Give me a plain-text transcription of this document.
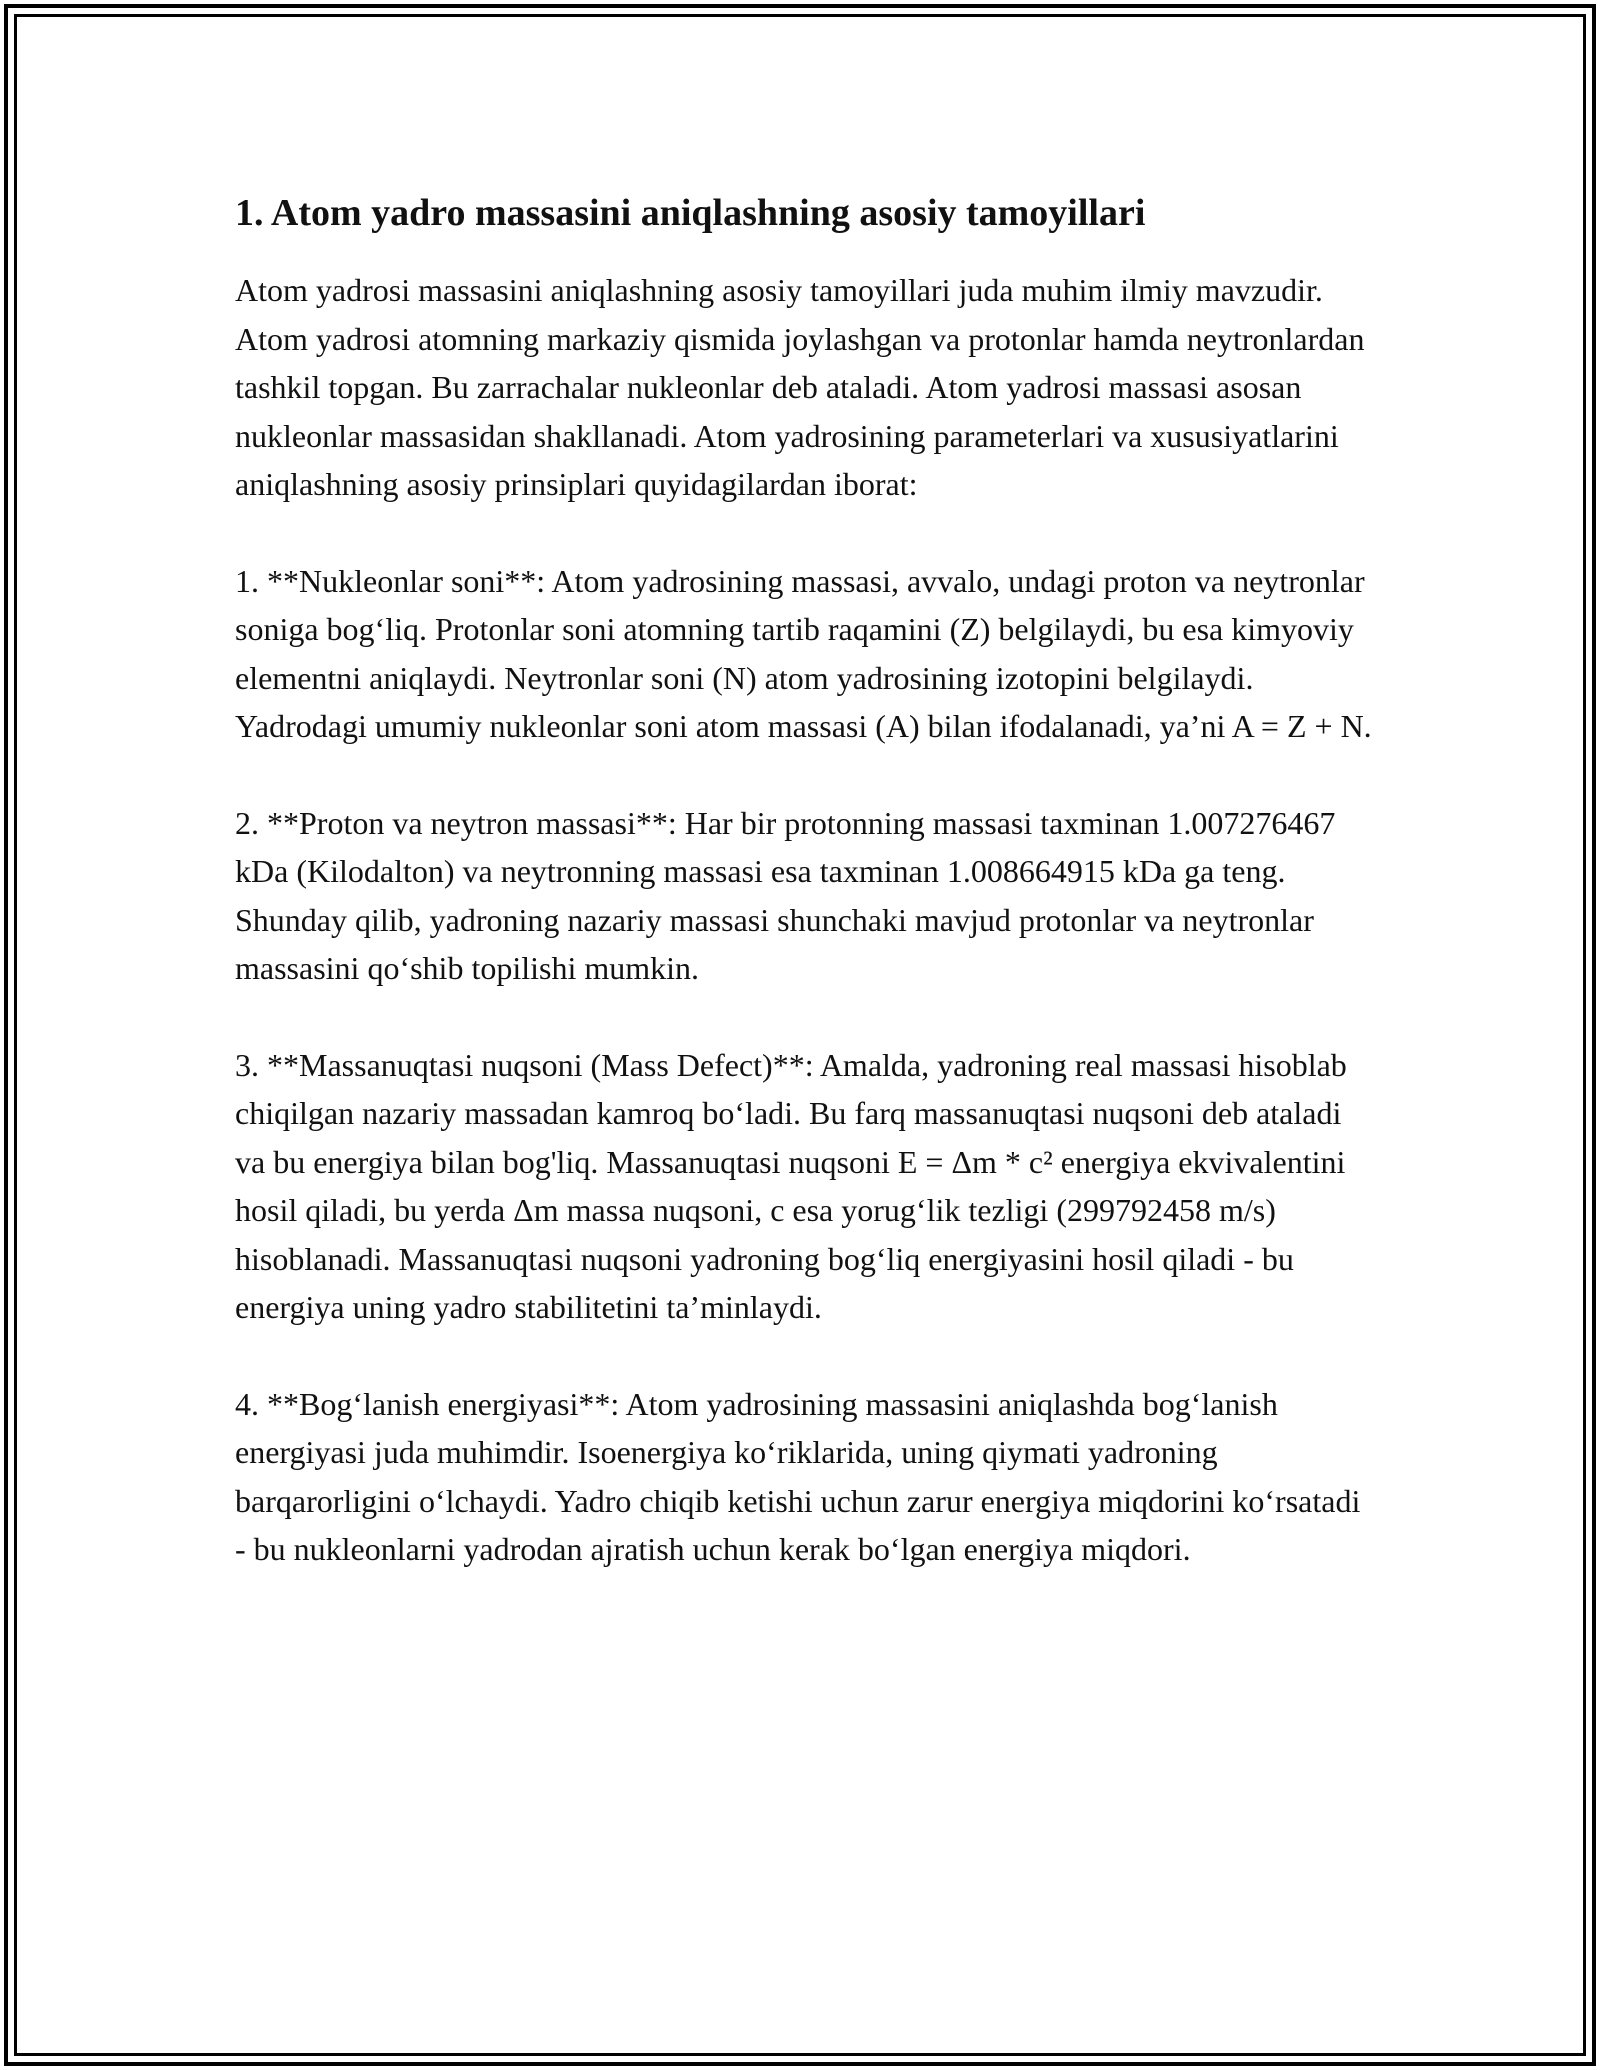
1. Atom yadro massasini aniqlashning asosiy tamoyillari

Atom yadrosi massasini aniqlashning asosiy tamoyillari juda muhim ilmiy mavzudir. Atom yadrosi atomning markaziy qismida joylashgan va protonlar hamda neytronlardan tashkil topgan. Bu zarrachalar nukleonlar deb ataladi. Atom yadrosi massasi asosan nukleonlar massasidan shakllanadi. Atom yadrosining parameterlari va xususiyatlarini aniqlashning asosiy prinsiplari quyidagilardan iborat:

1. **Nukleonlar soni**: Atom yadrosining massasi, avvalo, undagi proton va neytronlar soniga bog‘liq. Protonlar soni atomning tartib raqamini (Z) belgilaydi, bu esa kimyoviy elementni aniqlaydi. Neytronlar soni (N) atom yadrosining izotopini belgilaydi. Yadrodagi umumiy nukleonlar soni atom massasi (A) bilan ifodalanadi, ya’ni A = Z + N.

2. **Proton va neytron massasi**: Har bir protonning massasi taxminan 1.007276467 kDa (Kilodalton) va neytronning massasi esa taxminan 1.008664915 kDa ga teng. Shunday qilib, yadroning nazariy massasi shunchaki mavjud protonlar va neytronlar massasini qo‘shib topilishi mumkin.

3. **Massanuqtasi nuqsoni (Mass Defect)**: Amalda, yadroning real massasi hisoblab chiqilgan nazariy massadan kamroq bo‘ladi. Bu farq massanuqtasi nuqsoni deb ataladi va bu energiya bilan bog'liq. Massanuqtasi nuqsoni E = Δm * c² energiya ekvivalentini hosil qiladi, bu yerda Δm massa nuqsoni, c esa yorug‘lik tezligi (299792458 m/s) hisoblanadi. Massanuqtasi nuqsoni yadroning bog‘liq energiyasini hosil qiladi - bu energiya uning yadro stabilitetini ta’minlaydi.

4. **Bog‘lanish energiyasi**: Atom yadrosining massasini aniqlashda bog‘lanish energiyasi juda muhimdir. Isoenergiya ko‘riklarida, uning qiymati yadroning barqarorligini o‘lchaydi. Yadro chiqib ketishi uchun zarur energiya miqdorini ko‘rsatadi - bu nukleonlarni yadrodan ajratish uchun kerak bo‘lgan energiya miqdori.
